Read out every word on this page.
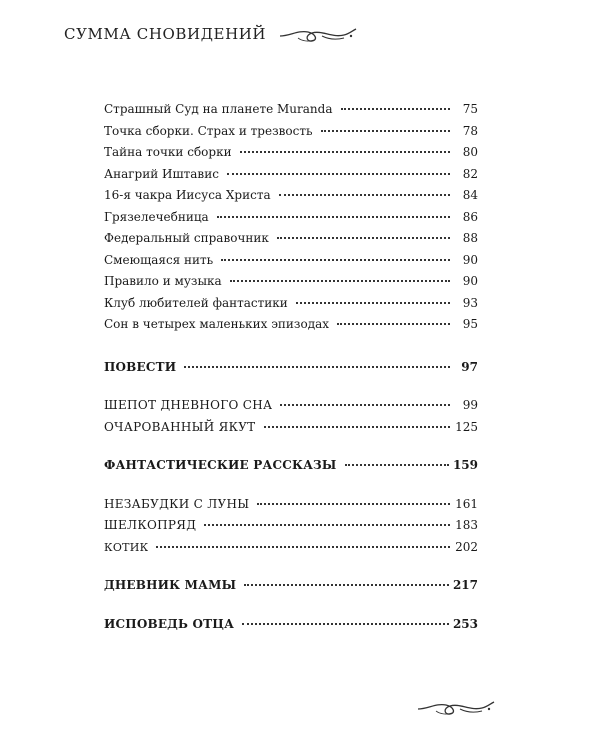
СУММА СНОВИДЕНИЙ
Страшный Суд на планете Muranda	75
Точка сборки. Страх и трезвость	78
Тайна точки сборки	80
Анагрий Иштавис	82
16-я чакра Иисуса Христа	84
Грязелечебница	86
Федеральный справочник	88
Смеющаяся нить	90
Правило и музыка	90
Клуб любителей фантастики	93
Сон в четырех маленьких эпизодах	95
ПОВЕСТИ	97
ШЕПОТ ДНЕВНОГО СНА	99
ОЧАРОВАННЫЙ ЯКУТ	125
ФАНТАСТИЧЕСКИЕ РАССКАЗЫ	159
НЕЗАБУДКИ С ЛУНЫ	161
ШЕЛКОПРЯД	183
КОТИК	202
ДНЕВНИК МАМЫ	217
ИСПОВЕДЬ ОТЦА	253
